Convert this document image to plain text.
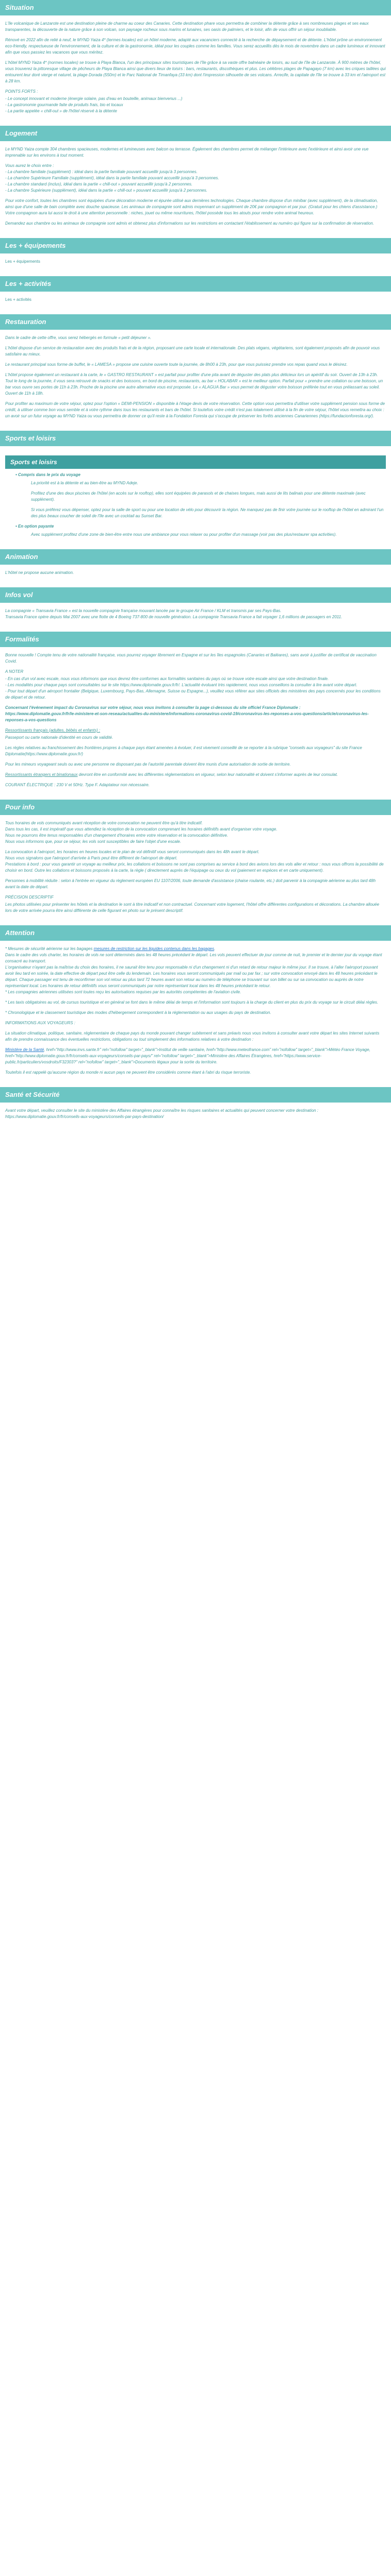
Situation

L'île volcanique de Lanzarote est une destination pleine de charme au coeur des Canaries. Cette destination phare vous permettra de combiner la détente grâce à ses nombreuses plages et ses eaux transparentes, la découverte de la nature grâce à son volcan, son paysage rocheux sous marins et lunaires, ses oasis de palmiers, et le loisir, afin de vous offrir un séjour inoubliable.

Rénové en 2022 afin de relié à neuf, le MYND Yaiza 4* (termes locales) est un hôtel moderne, adapté aux vacanciers connecté à la recherche de dépaysement et de détente. L'hôtel prône un environnement eco-friendly, respectueuse de l'environnement, de la culture et de la gastronomie, idéal pour les couples comme les familles. Vous serez accueillis dès le mois de novembre dans un cadre lumineux et innovant afin que vous passiez les vacances que vous méritez.

L'hôtel MYND Yaiza 4* (normes locales) se trouve à Playa Blanca, l'un des principaux sites touristiques de l'île grâce à sa vaste offre balnéaire de loisirs, au sud de l'île de Lanzarote. À 900 mètres de l'hôtel, vous trouverez la pittoresque village de pêcheurs de Playa Blanca ainsi que divers lieux de loisirs : bars, restaurants, discothèques et plus. Les célèbres plages de Papagayo (7 km) avec les criques taillées qui entourent leur doré vierge et naturel, la plage Dorada (550m) et le Parc National de Timanfaya (33 km) dont l'impression silhouette de ses volcans. Arrecife, la capitale de l'île se trouve à 33 km et l'aéroport est à 28 km.

POINTS FORTS :

- Le concept innovant et moderne (énergie solaire, pas d'eau en bouteille, animaux bienvenus ...)
- La gastronomie gourmande faite de produits frais, bio et locaux
- La partie appelée « chill-out » de l'hôtel réservé à la détente

Logement

Le MYND Yaiza compte 304 chambres spacieuses, modernes et lumineuses avec balcon ou terrasse. Également des chambres permet de mélanger l'intérieure avec l'extérieure et ainsi avoir une vue imprenable sur les environs à tout moment.

Vous aurez le choix entre :
- La chambre familiale (supplément) : idéal dans la partie familiale pouvant accueillir jusqu'à 3 personnes.
- La chambre Supérieure Familiale (supplément), idéal dans la partie familiale pouvant accueillir jusqu'à 3 personnes.
- La chambre standard (inclus), idéal dans la partie « chill-out » pouvant accueillir jusqu'à 2 personnes.
- La chambre Supérieure (supplément), idéal dans la partie « chill-out » pouvant accueillir jusqu'à 2 personnes.

Pour votre confort, toutes les chambres sont équipées d'une décoration moderne et épurée utilisé aux dernières technologies. Chaque chambre dispose d'un minibar (avec supplément), de la climatisation, ainsi que d'une salle de bain complète avec douche spacieuse. Les animaux de compagnie sont admis moyennant un supplément de 20€ par compagnon et par jour. (Gratuit pour les chiens d'assistance.) Votre compagnon aura lui aussi le droit à une attention personnelle : niches, jouet ou même nourritures, l'hôtel possède tous les atouts pour rendre votre animal heureux.

Demandez aux chambre ou les animaux de compagnie sont admis et obtenez plus d'informations sur les restrictions en contactant l'établissement au numéro qui figure sur la confirmation de réservation.

Les + équipements

Les + équipements

Les + activités

Les + activités

Restauration

Dans le cadre de cette offre, vous serez hébergés en formule « petit déjeuner ».

L'hôtel dispose d'un service de restauration avec des produits frais et de la région, proposant une carte locale et internationale. Des plats végans, végétariens, sont également proposés afin de pouvoir vous satisfaire au mieux.

Le restaurant principal sous forme de buffet, le « LAMESA » propose une cuisine ouverte toute la journée, de 8h00 à 23h, pour que vous puissiez prendre vos repas quand vous le désirez.

L'hôtel propose également un restaurant à la carte, le « GASTRO RESTAURANT » est parfait pour profiter d'une pita avant de déguster des plats plus délicieux lors un apéritif du soir. Ouvert de 13h à 23h. Tout le long de la journée, il vous sera retrouvé de snacks et des boissons, en bord de piscine, restaurants, au bar « HOLABAR » est le meilleur option. Parfait pour « prendre une collation ou une boisson, un bar vous ouvre ses portes de 11h à 23h. Proche de la piscine une autre alternative vous est proposée. Le « ALAGUA Bar » vous permet de déguster votre boisson préférée tout en vous prélassant au soleil. Ouvert de 11h à 18h.

Pour profiter au maximum de votre séjour, optez pour l'option « DEMI-PENSION » disponible à l'étage devis de votre réservation. Cette option vous permettra d'utiliser votre supplément pension sous forme de crédit, à utiliser comme bon vous semble et à votre rythme dans tous les restaurants et bars de l'hôtel. Si toutefois votre crédit n'est pas totalement utilisé à la fin de votre séjour, l'hôtel vous remettra au choix : un avoir sur un futur voyage au MYND Yaiza ou vous permettra de donner ce qu'il reste à la Fondation Foresta qui s'occupe de préserver les forêts anciennes Canariennes (https://fundacionforesta.org/).

Sports et loisirs
Sports et loisirs
• Compris dans le prix du voyage

La priorité est à la détente et au bien-être au MYND Adeje.

Profitez d'une des deux piscines de l'hôtel (en accès sur le rooftop), elles sont équipées de parasols et de chaises longues, mais aussi de lits balinais pour une détente maximale (avec supplément).

Si vous préférez vous dépenser, optez pour la salle de sport ou pour une location de vélo pour découvrir la région. Ne manquez pas de finir votre journée sur le rooftop de l'hôtel en admirant l'un des plus beaux coucher de soleil de l'île avec un cocktail au Sunset Bar.

• En option payante

Avec supplément profitez d'une zone de bien-être entre nous une ambiance pour vous relaxer ou pour profiter d'un massage (voir pas des plus/restaurer spa activities).

Animation

L'hôtel ne propose aucune animation.

Infos vol

La compagnie « Transavia France » est la nouvelle compagnie française mouvant lancée par le groupe Air France / KLM et transmis par ses Pays-Bas.
Transavia France opère depuis Mai 2007 avec une flotte de 4 Boeing 737-800 de nouvelle génération. La compagnie Transavia France a fait voyager 1,6 millions de passagers en 2011.

Formalités

Bonne nouvelle ! Compte tenu de votre nationalité française, vous pourrez voyager librement en Espagne et sur les îles espagnoles (Canaries et Baléares), sans avoir à justifier de certificat de vaccination Covid.

A NOTER

- En cas d'un vol avec escale, nous vous informons que vous devrez être conformes aux formalités sanitaires du pays où se trouve votre escale ainsi que votre destination finale.
- Les modalités pour chaque pays sont consultables sur le site https://www.diplomatie.gouv.fr/fr/. L'actualité évoluant très rapidement, nous vous conseillons la consulter à lire avant votre départ.
- Pour tout départ d'un aéroport frontalier (Belgique, Luxembourg, Pays-Bas, Allemagne, Suisse ou Espagne...), veuillez vous référer aux sites officiels des ministères des pays concernés pour les conditions de départ et de retour.

Concernant l'événement impact du Coronavirus sur votre séjour, nous vous invitons à consulter la page ci-dessous du site officiel France Diplomatie :
https://www.diplomatie.gouv.fr/fr/le-ministere-et-son-reseau/actualites-du-ministere/informations-coronavirus-covid-19/coronavirus-les-reponses-a-vos-questions/article/coronavirus-les-reponses-a-vos-questions

Ressortissants français (adultes, bébés et enfants) :

Passeport ou carte nationale d'identité en cours de validité.

Les règles relatives au franchissement des frontières propres à chaque pays étant amenées à évoluer, il est vivement conseillé de se reporter à la rubrique "conseils aux voyageurs" du site France Diplomatie(https://www.diplomatie.gouv.fr/)

Pour les mineurs voyageant seuls ou avec une personne ne disposant pas de l'autorité parentale doivent être munis d'une autorisation de sortie de territoire.

Ressortissants étrangers et binationaux devront être en conformité avec les différentes réglementations en vigueur, selon leur nationalité et doivent s'informer auprès de leur consulat.

COURANT ÉLECTRIQUE : 230 V et 50Hz. Type F. Adaptateur non nécessaire.

Pour info

Tous horaires de vols communiqués avant réception de votre convocation ne peuvent être qu'à titre indicatif.
Dans tous les cas, il est impératif que vous attendiez la réception de la convocation comprenant les horaires définitifs avant d'organiser votre voyage.
Nous ne pourrons être tenus responsables d'un changement d'horaires entre votre réservation et la convocation définitive.
Nous vous informons que, pour ce séjour, les vols sont susceptibles de faire l'objet d'une escale.

La convocation à l'aéroport, les horaires en heures locales et le plan de vol définitif vous seront communiqués dans les 48h avant le départ.
Nous vous signalons que l'aéroport d'arrivée à Paris peut être différent de l'aéroport de départ.
Prestations à bord : pour vous garantir un voyage au meilleur prix, les collations et boissons ne sont pas comprises au service à bord des avions lors des vols aller et retour : nous vous offrons la possibilité de choisir en bord. Outre les collations et boissons proposés à la carte, la règle ( directement auprès de l'équipage ou ceux du vol (paiement en espèces et en carte uniquement).

Personnes à mobilité réduite : selon à l'entrée en vigueur du règlement européen EU 1107/2006, toute demande d'assistance (chaise roulante, etc.) doit parvenir à la compagnie aérienne au plus tard 48h avant la date de départ.

PRÉCISION DESCRIPTIF

Les photos utilisées pour présenter les hôtels et la destination le sont à titre indicatif et non contractuel. Concernant votre logement, l'hôtel offre différentes configurations et décorations. La chambre allouée lors de votre arrivée pourra être ainsi différente de celle figurant en photo sur le présent descriptif.

Attention

* Mesures de sécurité aérienne sur les bagages mesures de restriction sur les liquides contenus dans les bagages.
Dans le cadre des vols charter, les horaires de vols ne sont déterminés dans les 48 heures précédant le départ. Les vols peuvent effectuer de jour comme de nuit, le premier et le dernier jour du voyage étant consacré au transport.
L'organisateur n'ayant pas la maîtrise du choix des horaires, il ne saurait être tenu pour responsable ni d'un changement ni d'un retard de retour majeur le même jour. Il se trouve, à l'aller l'aéroport pouvant avoir lieu tard en soirée, la date effective de départ peut être celle du lendemain. Les horaires vous seront communiqués par mail ou par fax ; sur votre convocation envoyé dans les 48 heures précédant le départ. Chaque passager est tenu de reconfirmer son vol retour au plus tard 72 heures avant son retour au numéro de téléphone se trouvant sur son billet ou sur sa convocation ou auprès de notre représentant local. Les horaires de retour définitifs vous seront communiqués par notre représentant local dans les 48 heures précédant le retour.
* Les compagnies aériennes utilisées sont toutes reçu les autorisations requises par les autorités compétentes de l'aviation civile.

* Les taxis obligatoires au vol, de cursus touristique et en général se font dans le même délai de temps et l'information sont toujours à la charge du client en plus du prix du voyage sur le circuit délai règles.

* Chronologique et le classement touristique des modes d'hébergement correspondent à la réglementation ou aux usages du pays de destination.

INFORMATIONS AUX VOYAGEURS :

La situation climatique, politique, sanitaire, réglementaire de chaque pays du monde pouvant changer subitement et sans préavis nous vous invitons à consulter avant votre départ les sites Internet suivants afin de prendre connaissance des éventuelles restrictions, obligations ou tout simplement des informations relatives à votre destination :

Ministère de la Santé, href="http://www.invs.sante.fr" rel="nofollow" target="_blank">Institut de veille sanitaire, href="http://www.meteofrance.com" rel="nofollow" target="_blank">Météo France Voyage, href="http://www.diplomatie.gouv.fr/fr/conseils-aux-voyageurs/conseils-par-pays/" rel="nofollow" target="_blank">Ministère des Affaires Étrangères, href="https://www.service-public.fr/particuliers/vosdroits/F32303?" rel="nofollow" target="_blank">Documents légaux pour la sortie du territoire.

Toutefois il est rappelé qu'aucune région du monde ni aucun pays ne peuvent être considérés comme étant à l'abri du risque terroriste.

Santé et Sécurité

Avant votre départ, veuillez consulter le site du ministère des Affaires étrangères pour connaître les risques sanitaires et actualités qui peuvent concerner votre destination : https://www.diplomatie.gouv.fr/fr/conseils-aux-voyageurs/conseils-par-pays-destination/
